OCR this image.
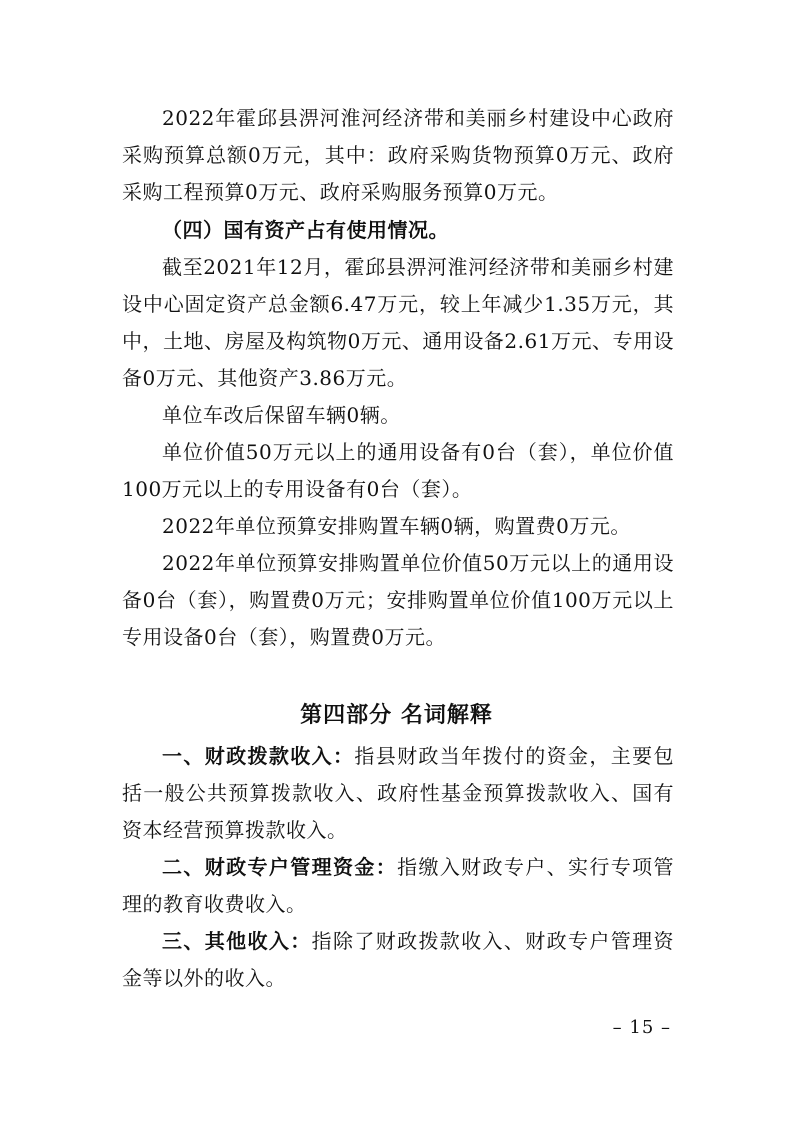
2022年霍邱县淠河淮河经济带和美丽乡村建设中心政府采购预算总额0万元，其中：政府采购货物预算0万元、政府采购工程预算0万元、政府采购服务预算0万元。

（四）国有资产占有使用情况。

截至2021年12月，霍邱县淠河淮河经济带和美丽乡村建设中心固定资产总金额6.47万元，较上年减少1.35万元，其中，土地、房屋及构筑物0万元、通用设备2.61万元、专用设备0万元、其他资产3.86万元。

单位车改后保留车辆0辆。

单位价值50万元以上的通用设备有0台（套），单位价值100万元以上的专用设备有0台（套）。

2022年单位预算安排购置车辆0辆，购置费0万元。

2022年单位预算安排购置单位价值50万元以上的通用设备0台（套），购置费0万元；安排购置单位价值100万元以上专用设备0台（套），购置费0万元。

第四部分 名词解释

一、财政拨款收入：指县财政当年拨付的资金，主要包括一般公共预算拨款收入、政府性基金预算拨款收入、国有资本经营预算拨款收入。

二、财政专户管理资金：指缴入财政专户、实行专项管理的教育收费收入。

三、其他收入：指除了财政拨款收入、财政专户管理资金等以外的收入。

– 15 –
